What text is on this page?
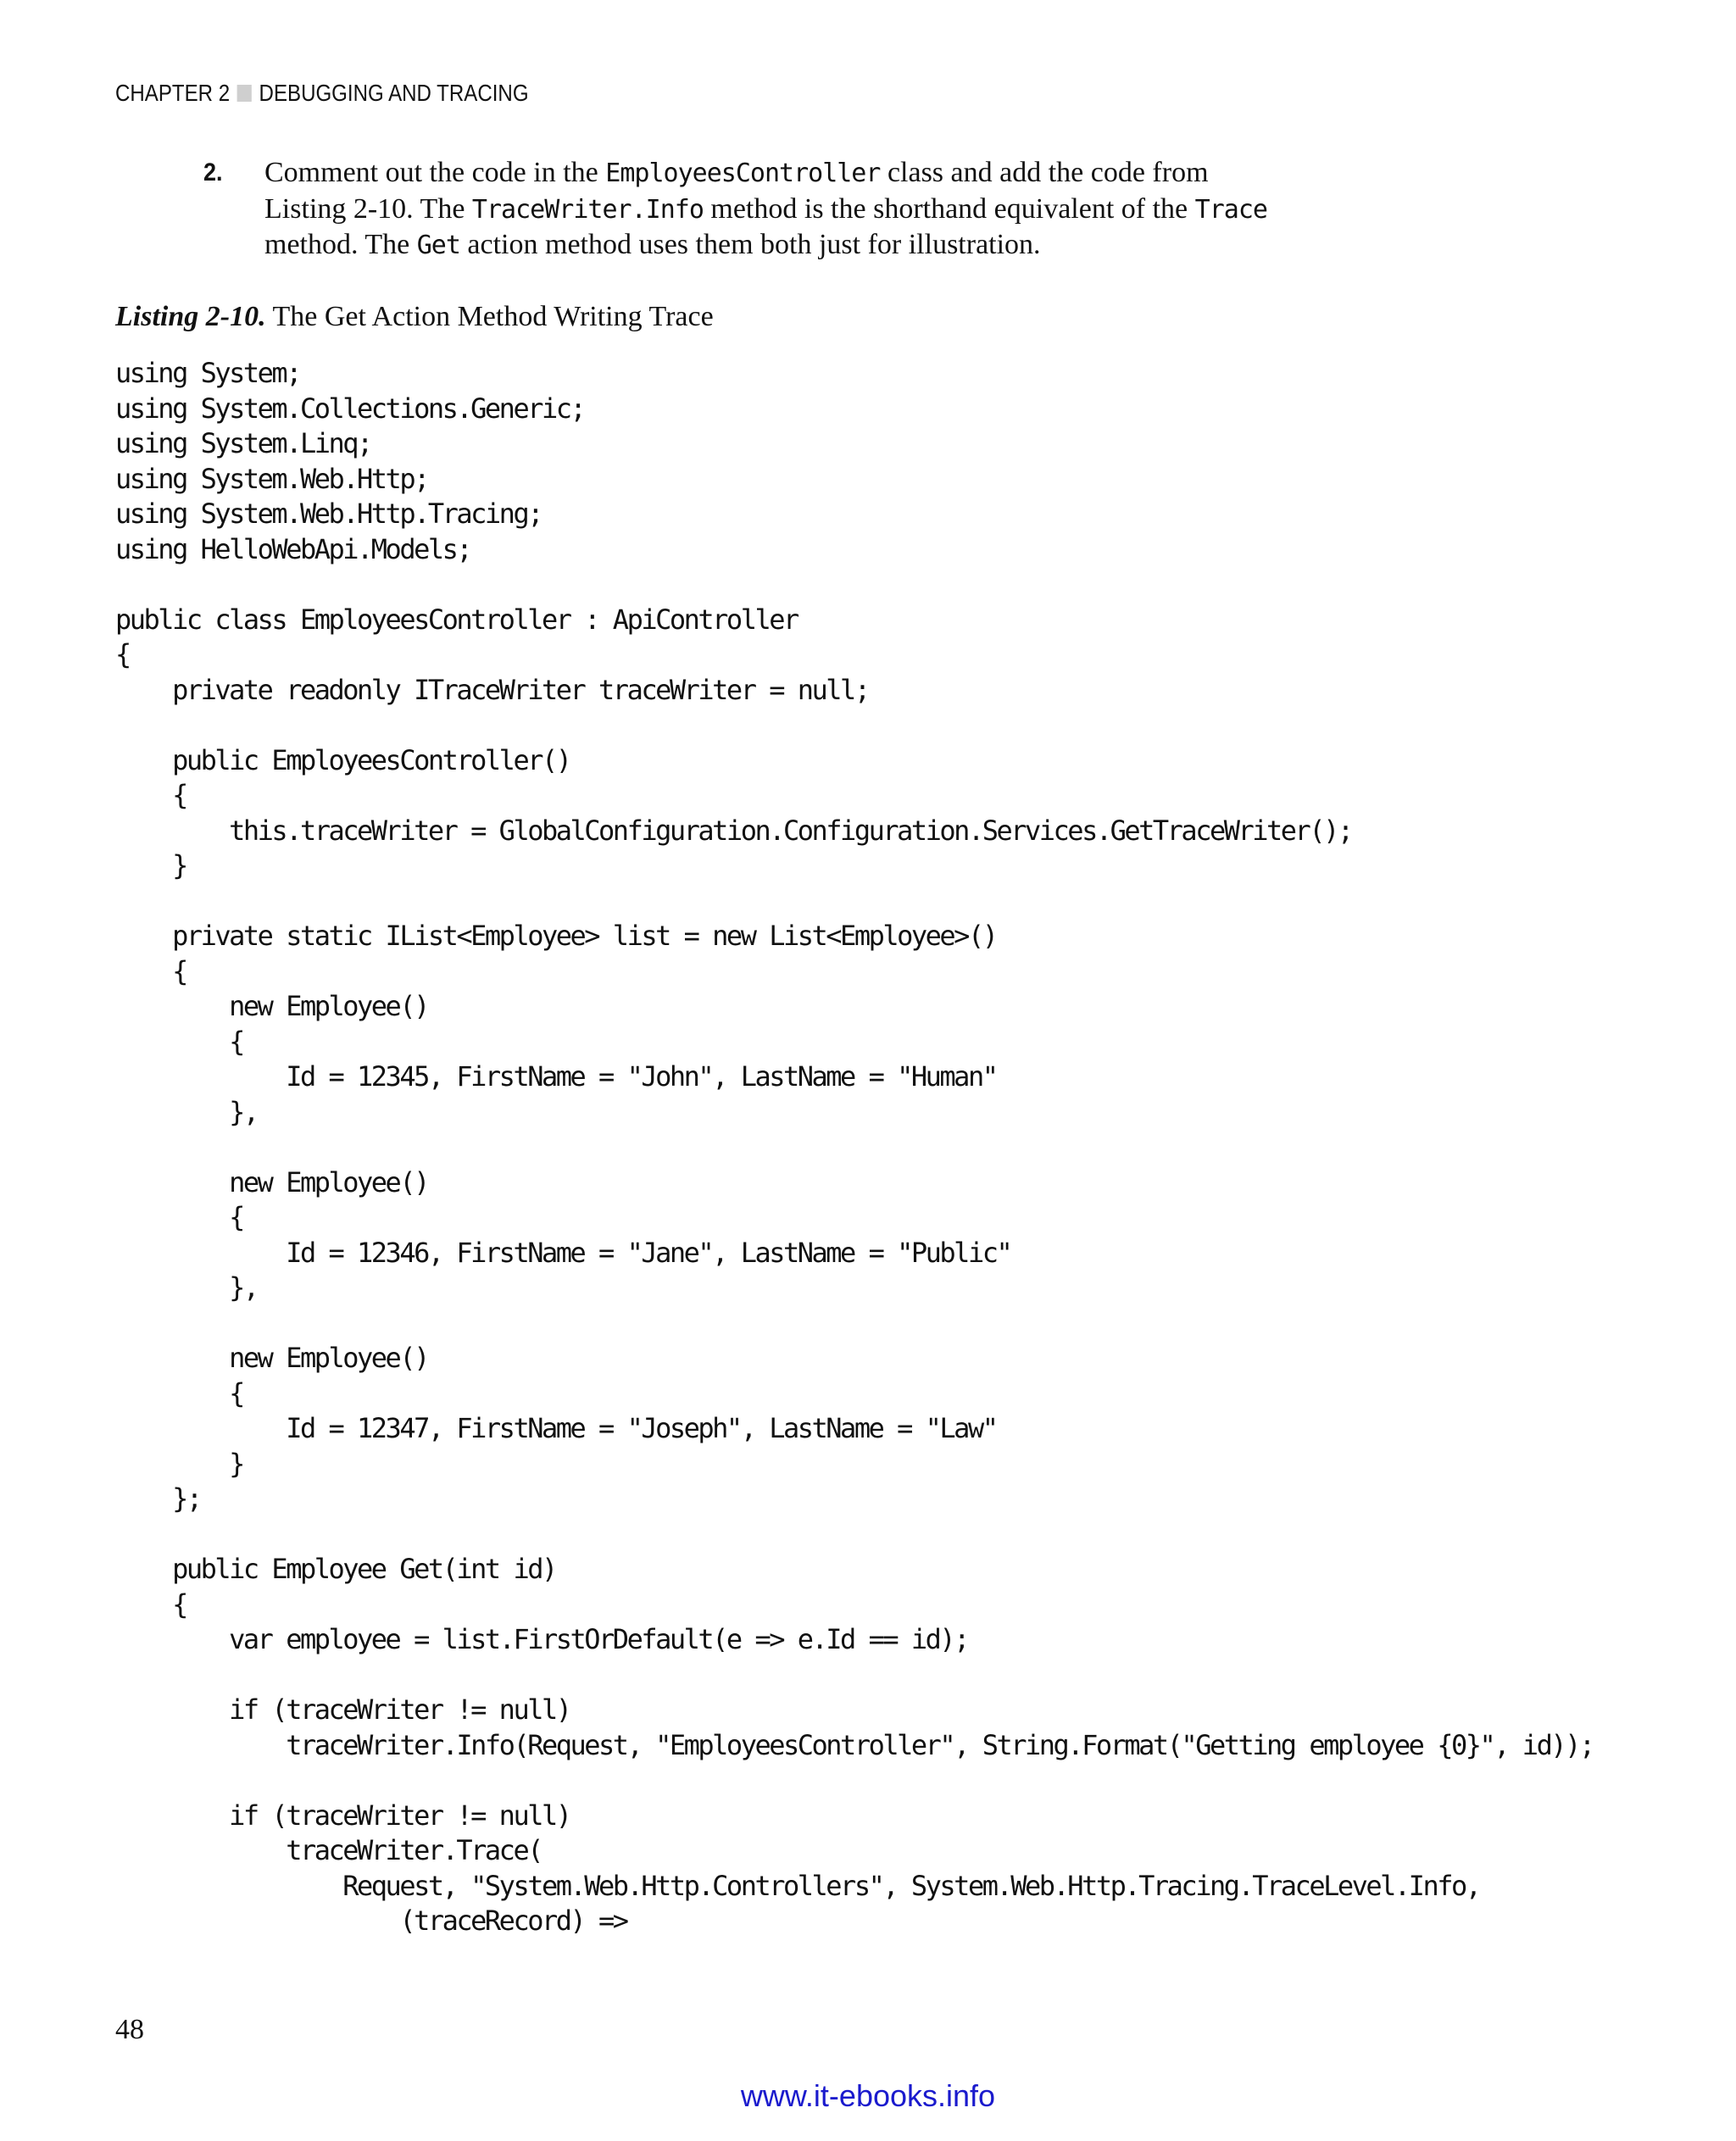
CHAPTER 2 DEBUGGING AND TRACING
2. Comment out the code in the EmployeesController class and add the code from
Listing 2-10. The TraceWriter.Info method is the shorthand equivalent of the Trace
method. The Get action method uses them both just for illustration.
Listing 2-10. The Get Action Method Writing Trace
using System;
using System.Collections.Generic;
using System.Linq;
using System.Web.Http;
using System.Web.Http.Tracing;
using HelloWebApi.Models;
public class EmployeesController : ApiController
{
private readonly ITraceWriter traceWriter = null;
public EmployeesController()
{
this.traceWriter = GlobalConfiguration.Configuration.Services.GetTraceWriter();
}
private static IList<Employee> list = new List<Employee>()
{
new Employee()
{
Id = 12345, FirstName = "John", LastName = "Human"
},
new Employee()
{
Id = 12346, FirstName = "Jane", LastName = "Public"
},
new Employee()
{
Id = 12347, FirstName = "Joseph", LastName = "Law"
}
};
public Employee Get(int id)
{
var employee = list.FirstOrDefault(e => e.Id == id);
if (traceWriter != null)
traceWriter.Info(Request, "EmployeesController", String.Format("Getting employee {0}", id));
if (traceWriter != null)
traceWriter.Trace(
Request, "System.Web.Http.Controllers", System.Web.Http.Tracing.TraceLevel.Info,
(traceRecord) =>
48
www.it-ebooks.info
